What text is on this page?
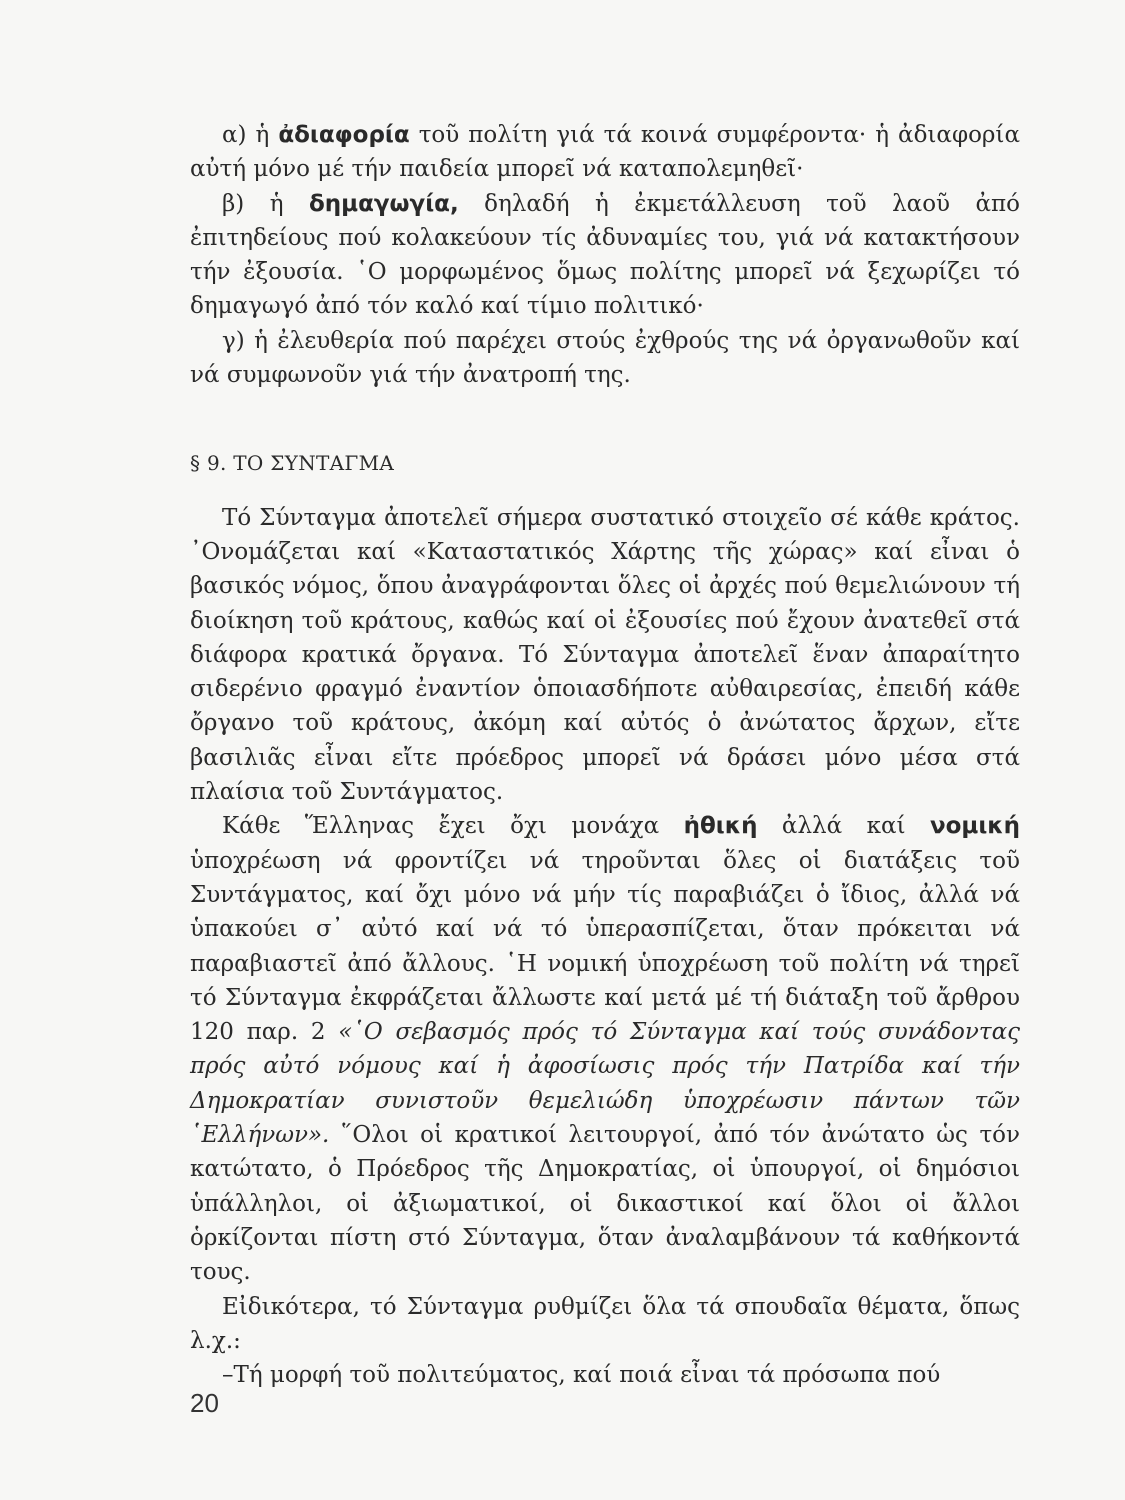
α) ἡ ἀδιαφορία τοῦ πολίτη γιά τά κοινά συμφέροντα· ἡ ἀδιαφορία αὐτή μόνο μέ τήν παιδεία μπορεῖ νά καταπολεμηθεῖ·

β) ἡ δημαγωγία, δηλαδή ἡ ἐκμετάλλευση τοῦ λαοῦ ἀπό ἐπιτηδείους πού κολακεύουν τίς ἀδυναμίες του, γιά νά κατακτήσουν τήν ἐξουσία. ῾Ο μορφωμένος ὅμως πολίτης μπορεῖ νά ξεχωρίζει τό δημαγωγό ἀπό τόν καλό καί τίμιο πολιτικό·

γ) ἡ ἐλευθερία πού παρέχει στούς ἐχθρούς της νά ὀργανωθοῦν καί νά συμφωνοῦν γιά τήν ἀνατροπή της.

§ 9. ΤΟ ΣΥΝΤΑΓΜΑ

Τό Σύνταγμα ἀποτελεῖ σήμερα συστατικό στοιχεῖο σέ κάθε κράτος. ᾿Ονομάζεται καί «Καταστατικός Χάρτης τῆς χώρας» καί εἶναι ὁ βασικός νόμος, ὅπου ἀναγράφονται ὅλες οἱ ἀρχές πού θεμελιώνουν τή διοίκηση τοῦ κράτους, καθώς καί οἱ ἐξουσίες πού ἔχουν ἀνατεθεῖ στά διάφορα κρατικά ὄργανα. Τό Σύνταγμα ἀποτελεῖ ἕναν ἀπαραίτητο σιδερένιο φραγμό ἐναντίον ὁποιασδήποτε αὐθαιρεσίας, ἐπειδή κάθε ὄργανο τοῦ κράτους, ἀκόμη καί αὐτός ὁ ἀνώτατος ἄρχων, εἴτε βασιλιᾶς εἶναι εἴτε πρόεδρος μπορεῖ νά δράσει μόνο μέσα στά πλαίσια τοῦ Συντάγματος.

Κάθε Ἕλληνας ἔχει ὄχι μονάχα ἠθική ἀλλά καί νομική ὑποχρέωση νά φροντίζει νά τηροῦνται ὅλες οἱ διατάξεις τοῦ Συντάγματος, καί ὄχι μόνο νά μήν τίς παραβιάζει ὁ ἴδιος, ἀλλά νά ὑπακούει σ᾿ αὐτό καί νά τό ὑπερασπίζεται, ὅταν πρόκειται νά παραβιαστεῖ ἀπό ἄλλους. ῾Η νομική ὑποχρέωση τοῦ πολίτη νά τηρεῖ τό Σύνταγμα ἐκφράζεται ἄλλωστε καί μετά μέ τή διάταξη τοῦ ἄρθρου 120 παρ. 2 «῾Ο σεβασμός πρός τό Σύνταγμα καί τούς συνάδοντας πρός αὐτό νόμους καί ἡ ἀφοσίωσις πρός τήν Πατρίδα καί τήν Δημοκρατίαν συνιστοῦν θεμελιώδη ὑποχρέωσιν πάντων τῶν ῾Ελλήνων». ῞Ολοι οἱ κρατικοί λειτουργοί, ἀπό τόν ἀνώτατο ὡς τόν κατώτατο, ὁ Πρόεδρος τῆς Δημοκρατίας, οἱ ὑπουργοί, οἱ δημόσιοι ὑπάλληλοι, οἱ ἀξιωματικοί, οἱ δικαστικοί καί ὅλοι οἱ ἄλλοι ὁρκίζονται πίστη στό Σύνταγμα, ὅταν ἀναλαμβάνουν τά καθήκοντά τους.

Εἰδικότερα, τό Σύνταγμα ρυθμίζει ὅλα τά σπουδαῖα θέματα, ὅπως λ.χ.:

–Τή μορφή τοῦ πολιτεύματος, καί ποιά εἶναι τά πρόσωπα πού

20
